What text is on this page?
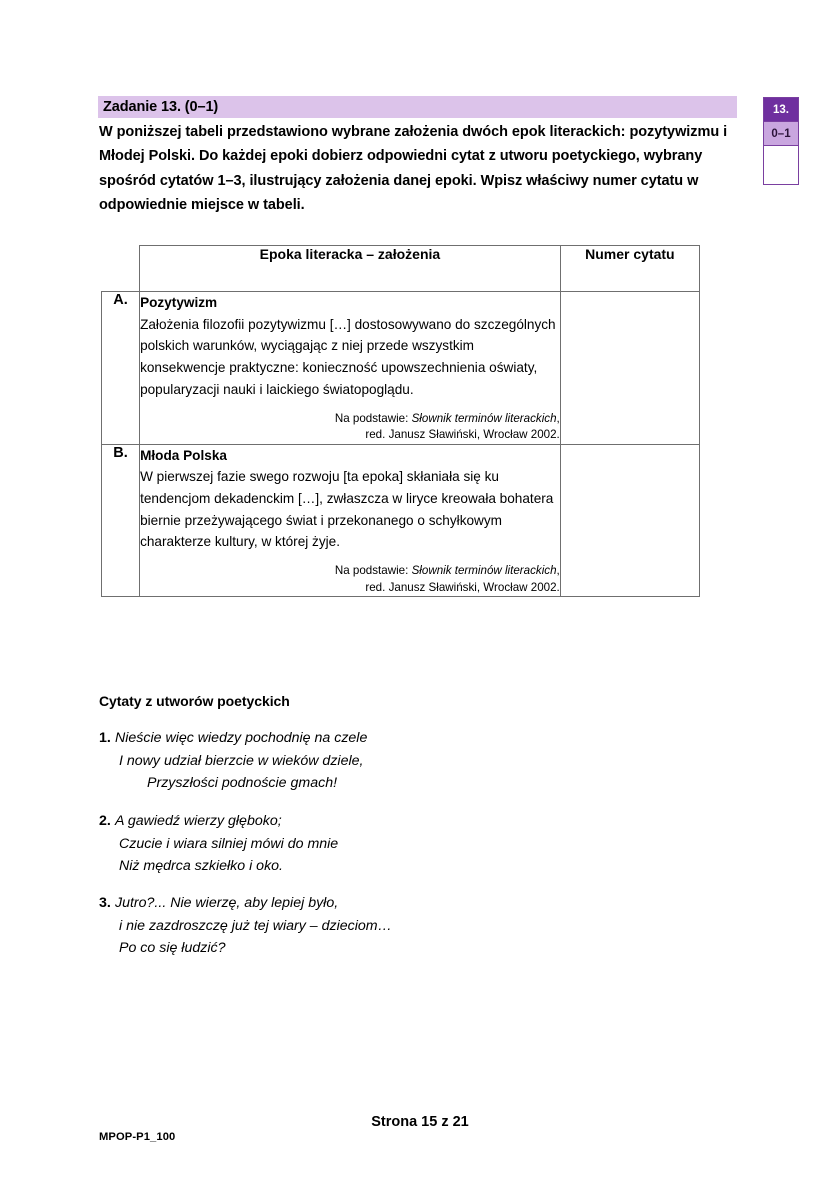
Zadanie 13. (0–1)
W poniższej tabeli przedstawiono wybrane założenia dwóch epok literackich: pozytywizmu i Młodej Polski. Do każdej epoki dobierz odpowiedni cytat z utworu poetyckiego, wybrany spośród cytatów 1–3, ilustrujący założenia danej epoki. Wpisz właściwy numer cytatu w odpowiednie miejsce w tabeli.
13.
0–1
	Epoka literacka – założenia	Numer cytatu
A.	Pozytywizm
Założenia filozofii pozytywizmu […] dostosowywano do szczególnych polskich warunków, wyciągając z niej przede wszystkim konsekwencje praktyczne: konieczność upowszechnienia oświaty, popularyzacji nauki i laickiego światopoglądu.
Na podstawie: Słownik terminów literackich,
red. Janusz Sławiński, Wrocław 2002.	

B.	Młoda Polska
W pierwszej fazie swego rozwoju [ta epoka] skłaniała się ku tendencjom dekadenckim […], zwłaszcza w liryce kreowała bohatera biernie przeżywającego świat i przekonanego o schyłkowym charakterze kultury, w której żyje.
Na podstawie: Słownik terminów literackich,
red. Janusz Sławiński, Wrocław 2002.	

Cytaty z utworów poetyckich
1. Nieście więc wiedzy pochodnię na czele
I nowy udział bierzcie w wieków dziele,
Przyszłości podnoście gmach!
2. A gawiedź wierzy głęboko;
Czucie i wiara silniej mówi do mnie
Niż mędrca szkiełko i oko.
3. Jutro?... Nie wierzę, aby lepiej było,
i nie zazdroszczę już tej wiary – dzieciom…
Po co się łudzić?
Strona 15 z 21
MPOP-P1_100
